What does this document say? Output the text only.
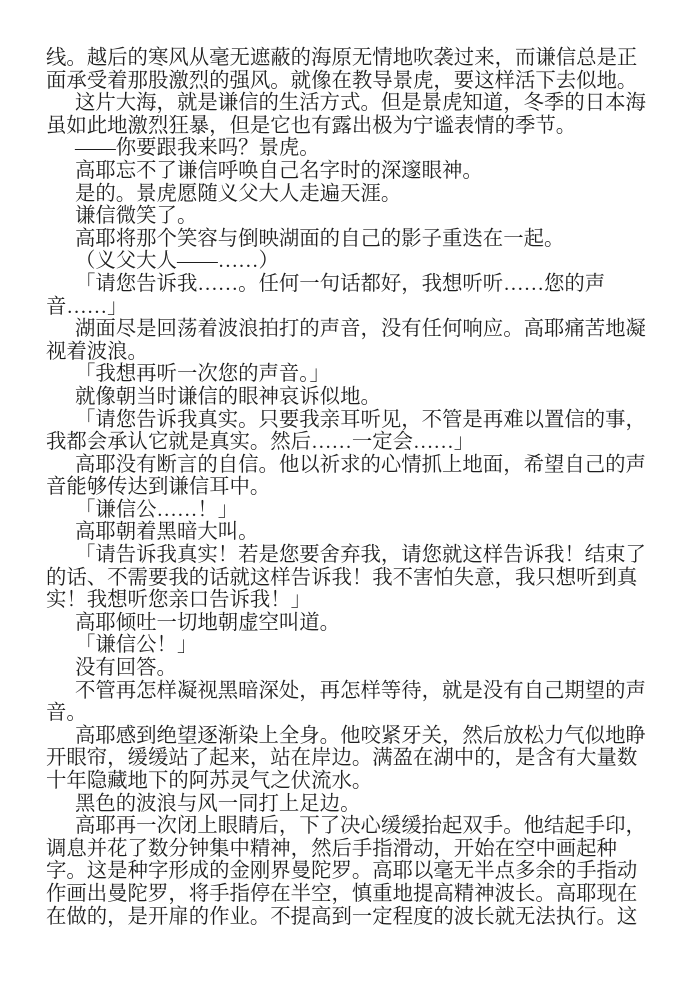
线。越后的寒风从毫无遮蔽的海原无情地吹袭过来，而谦信总是正
面承受着那股激烈的强风。就像在教导景虎，要这样活下去似地。
这片大海，就是谦信的生活方式。但是景虎知道，冬季的日本海
虽如此地激烈狂暴，但是它也有露出极为宁谧表情的季节。
——你要跟我来吗？景虎。
高耶忘不了谦信呼唤自己名字时的深邃眼神。
是的。景虎愿随义父大人走遍天涯。
谦信微笑了。
高耶将那个笑容与倒映湖面的自己的影子重迭在一起。
（义父大人——……）
「请您告诉我……。任何一句话都好，我想听听……您的声
音……」
湖面尽是回荡着波浪拍打的声音，没有任何响应。高耶痛苦地凝
视着波浪。
「我想再听一次您的声音。」
就像朝当时谦信的眼神哀诉似地。
「请您告诉我真实。只要我亲耳听见，不管是再难以置信的事，
我都会承认它就是真实。然后……一定会……」
高耶没有断言的自信。他以祈求的心情抓上地面，希望自己的声
音能够传达到谦信耳中。
「谦信公……！」
高耶朝着黑暗大叫。
「请告诉我真实！若是您要舍弃我，请您就这样告诉我！结束了
的话、不需要我的话就这样告诉我！我不害怕失意，我只想听到真
实！我想听您亲口告诉我！」
高耶倾吐一切地朝虚空叫道。
「谦信公！」
没有回答。
不管再怎样凝视黑暗深处，再怎样等待，就是没有自己期望的声
音。
高耶感到绝望逐渐染上全身。他咬紧牙关，然后放松力气似地睁
开眼帘，缓缓站了起来，站在岸边。满盈在湖中的，是含有大量数
十年隐藏地下的阿苏灵气之伏流水。
黑色的波浪与风一同打上足边。
高耶再一次闭上眼睛后，下了决心缓缓抬起双手。他结起手印，
调息并花了数分钟集中精神，然后手指滑动，开始在空中画起种
字。这是种字形成的金刚界曼陀罗。高耶以毫无半点多余的手指动
作画出曼陀罗，将手指停在半空，慎重地提高精神波长。高耶现在
在做的，是开扉的作业。不提高到一定程度的波长就无法执行。这
